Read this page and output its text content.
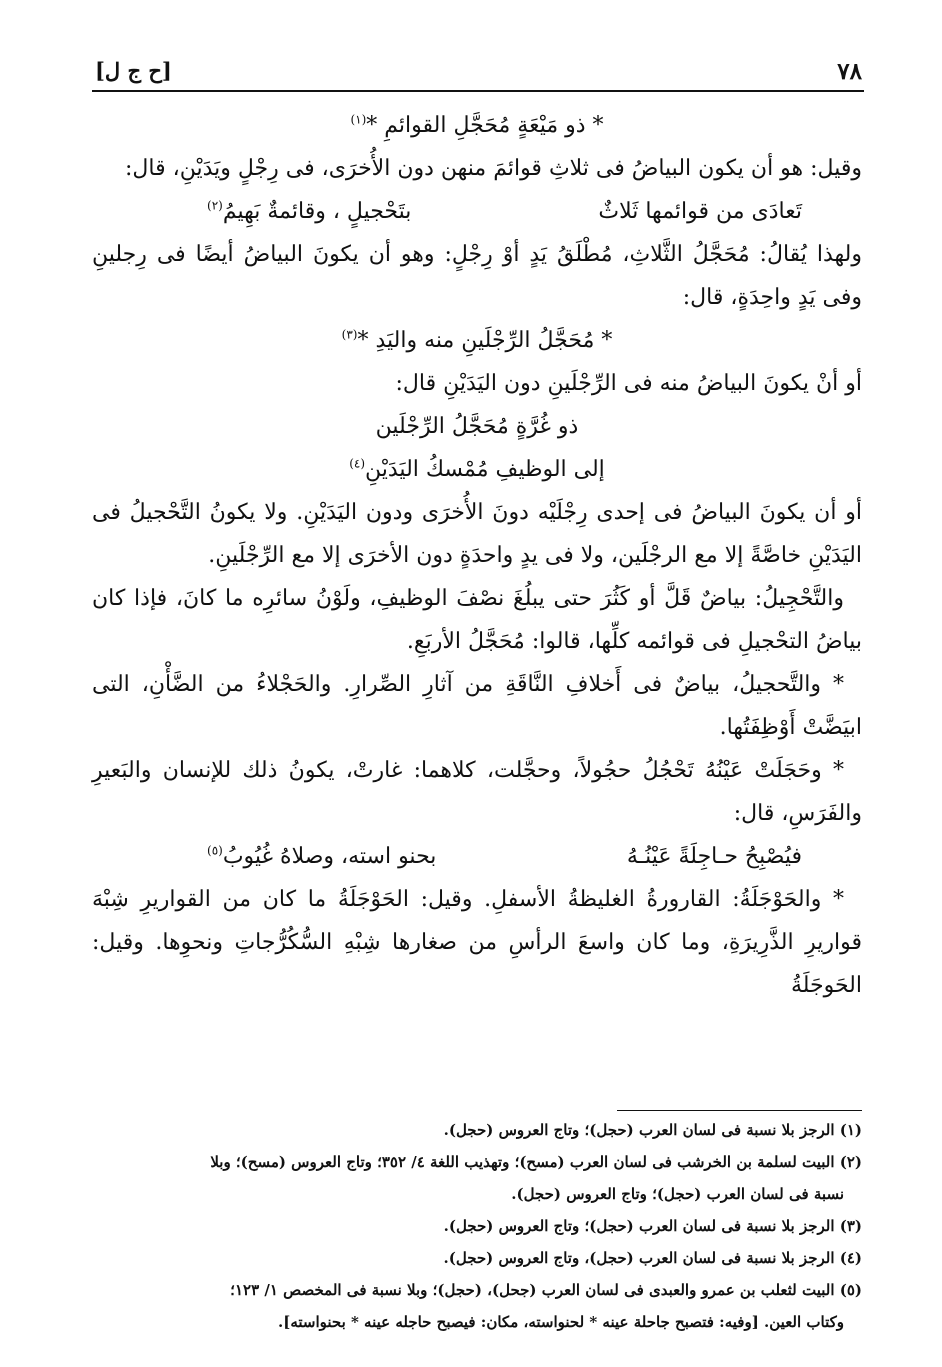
٧٨
[ح ج ل]

* ذو مَيْعَةٍ مُحَجَّلِ القوائمِ *$^{(١)}$

وقيل: هو أن يكون البياضُ فى ثلاثِ قوائمَ منهن دون الأُخرَى، فى رِجْلٍ ويَدَيْنِ، قال:

تَعادَى من قوائمها ثَلاثٌ
بتَحْجيلٍ ، وقائمةٌ بَهِيمُ$^{(٢)}$

ولهذا يُقالُ: مُحَجَّلُ الثَّلاثِ، مُطْلَقُ يَدٍ أوْ رِجْلٍ: وهو أن يكونَ البياضُ أيضًا فى رِجلينِ وفى يَدٍ واحِدَةٍ، قال:

* مُحَجَّلُ الرِّجْلَينِ منه واليَدِ *$^{(٣)}$

أو أنْ يكونَ البياضُ منه فى الرِّجْلَينِ دون اليَدَيْنِ قال:

ذو غُرَّةٍ مُحَجَّلُ الرِّجْلَين

إلى الوظيفِ مُمْسكُ اليَدَيْنِ$^{(٤)}$

أو أن يكونَ البياضُ فى إحدى رِجْلَيْه دونَ الأُخرَى ودون اليَدَيْنِ. ولا يكونُ التَّحْجيلُ فى اليَدَيْنِ خاصَّةً إلا مع الرجْلَين، ولا فى يدٍ واحدَةٍ دون الأخرَى إلا مع الرِّجْلَينِ.

والتَّحْجِيلُ: بياضٌ قَلَّ أو كَثُرَ حتى يبلُغَ نصْفَ الوظيفِ، ولَوْنُ سائرِه ما كانَ، فإذا كان بياضُ التحْجيلِ فى قوائمه كلِّها، قالوا: مُحَجَّلُ الأربَعِ.

* والتَّحجيلُ، بياضٌ فى أَخلافِ النَّاقَةِ من آثارِ الصِّرارِ. والحَجْلاءُ من الضَّأْنِ، التى ابيَضَّتْ أَوْظِفَتُها.

* وحَجَلَتْ عَيْنُهُ تَحْجُلُ حجُولاً، وحجَّلت، كلاهما: غارتْ، يكونُ ذلك للإنسان والبَعيرِ والفَرَسِ، قال:

فيُصْبِحُ حـاجِلَةً عَيْنُـهُ
بحنو استه، وصلاهُ غُيُوبُ$^{(٥)}$

* والحَوْجَلَةُ: القارورةُ الغليظةُ الأسفلِ. وقيل: الحَوْجَلَةُ ما كان من القواريرِ شِبْهَ قواريرِ الذَّرِيرَةِ، وما كان واسعَ الرأسِ من صغارها شِبْهِ السُّكُرُّجاتِ ونحوِها. وقيل: الحَوجَلَةُ

(١) الرجز بلا نسبة فى لسان العرب (حجل)؛ وتاج العروس (حجل).

(٢) البيت لسلمة بن الخرشب فى لسان العرب (مسح)؛ وتهذيب اللغة ٤/ ٣٥٢؛ وتاج العروس (مسح)؛ وبلا

نسبة فى لسان العرب (حجل)؛ وتاج العروس (حجل).

(٣) الرجز بلا نسبة فى لسان العرب (حجل)؛ وتاج العروس (حجل).

(٤) الرجز بلا نسبة فى لسان العرب (حجل)، وتاج العروس (حجل).

(٥) البيت لثعلب بن عمرو والعبدى فى لسان العرب (جحل)، (حجل)؛ وبلا نسبة فى المخصص ١/ ١٢٣؛

وكتاب العين. [وفيه: فتصبح جاحلة عينه * لحنواسته، مكان: فيصبح حاجله عينه * بحنواسته].
